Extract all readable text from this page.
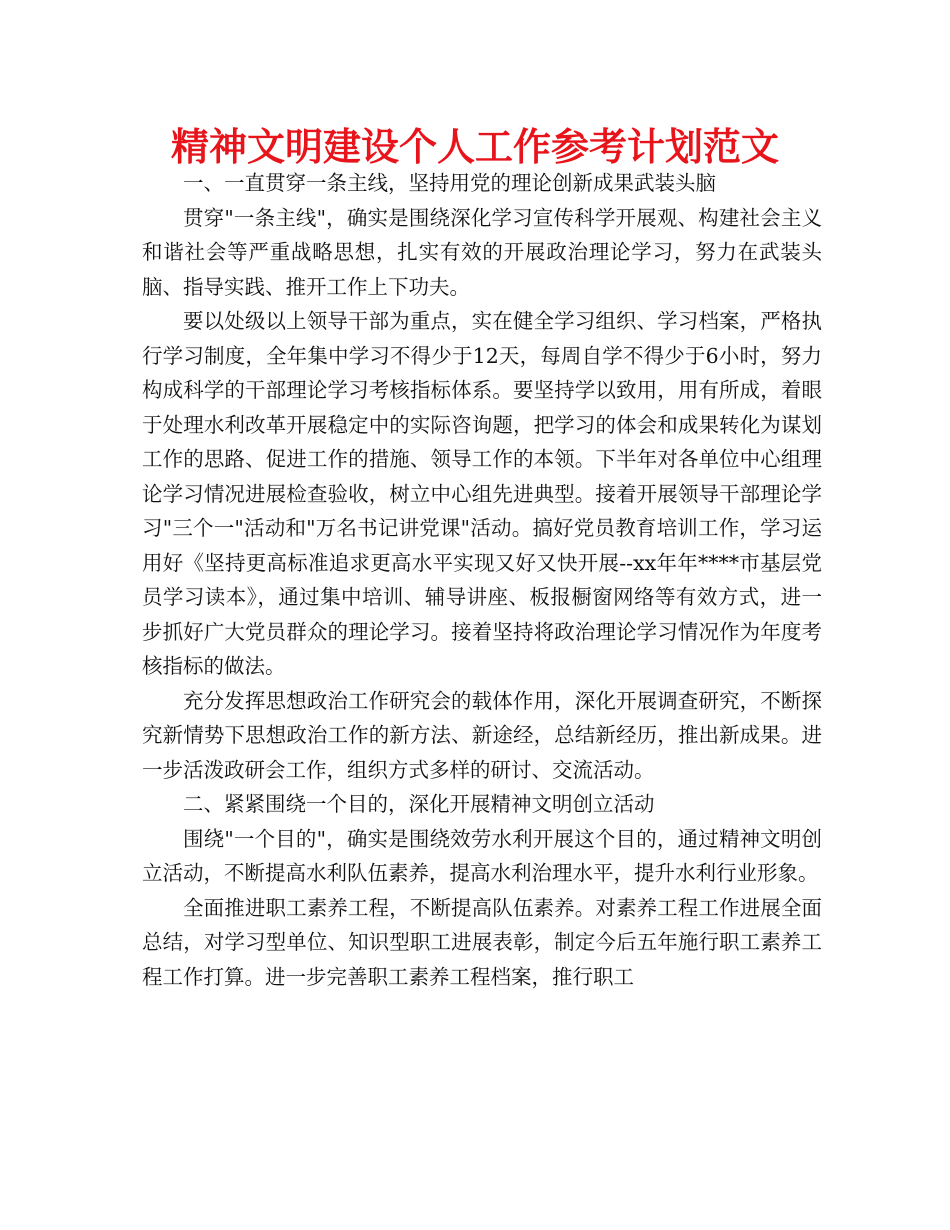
精神文明建设个人工作参考计划范文

一、一直贯穿一条主线，坚持用党的理论创新成果武装头脑

贯穿"一条主线"，确实是围绕深化学习宣传科学开展观、构建社会主义和谐社会等严重战略思想，扎实有效的开展政治理论学习，努力在武装头脑、指导实践、推开工作上下功夫。

要以处级以上领导干部为重点，实在健全学习组织、学习档案，严格执行学习制度，全年集中学习不得少于12天，每周自学不得少于6小时，努力构成科学的干部理论学习考核指标体系。要坚持学以致用，用有所成，着眼于处理水利改革开展稳定中的实际咨询题，把学习的体会和成果转化为谋划工作的思路、促进工作的措施、领导工作的本领。下半年对各单位中心组理论学习情况进展检查验收，树立中心组先进典型。接着开展领导干部理论学习"三个一"活动和"万名书记讲党课"活动。搞好党员教育培训工作，学习运用好《坚持更高标准追求更高水平实现又好又快开展--xx年年****市基层党员学习读本》，通过集中培训、辅导讲座、板报橱窗网络等有效方式，进一步抓好广大党员群众的理论学习。接着坚持将政治理论学习情况作为年度考核指标的做法。

充分发挥思想政治工作研究会的载体作用，深化开展调查研究，不断探究新情势下思想政治工作的新方法、新途经，总结新经历，推出新成果。进一步活泼政研会工作，组织方式多样的研讨、交流活动。

二、紧紧围绕一个目的，深化开展精神文明创立活动

围绕"一个目的"，确实是围绕效劳水利开展这个目的，通过精神文明创立活动，不断提高水利队伍素养，提高水利治理水平，提升水利行业形象。

全面推进职工素养工程，不断提高队伍素养。对素养工程工作进展全面总结，对学习型单位、知识型职工进展表彰，制定今后五年施行职工素养工程工作打算。进一步完善职工素养工程档案，推行职工
